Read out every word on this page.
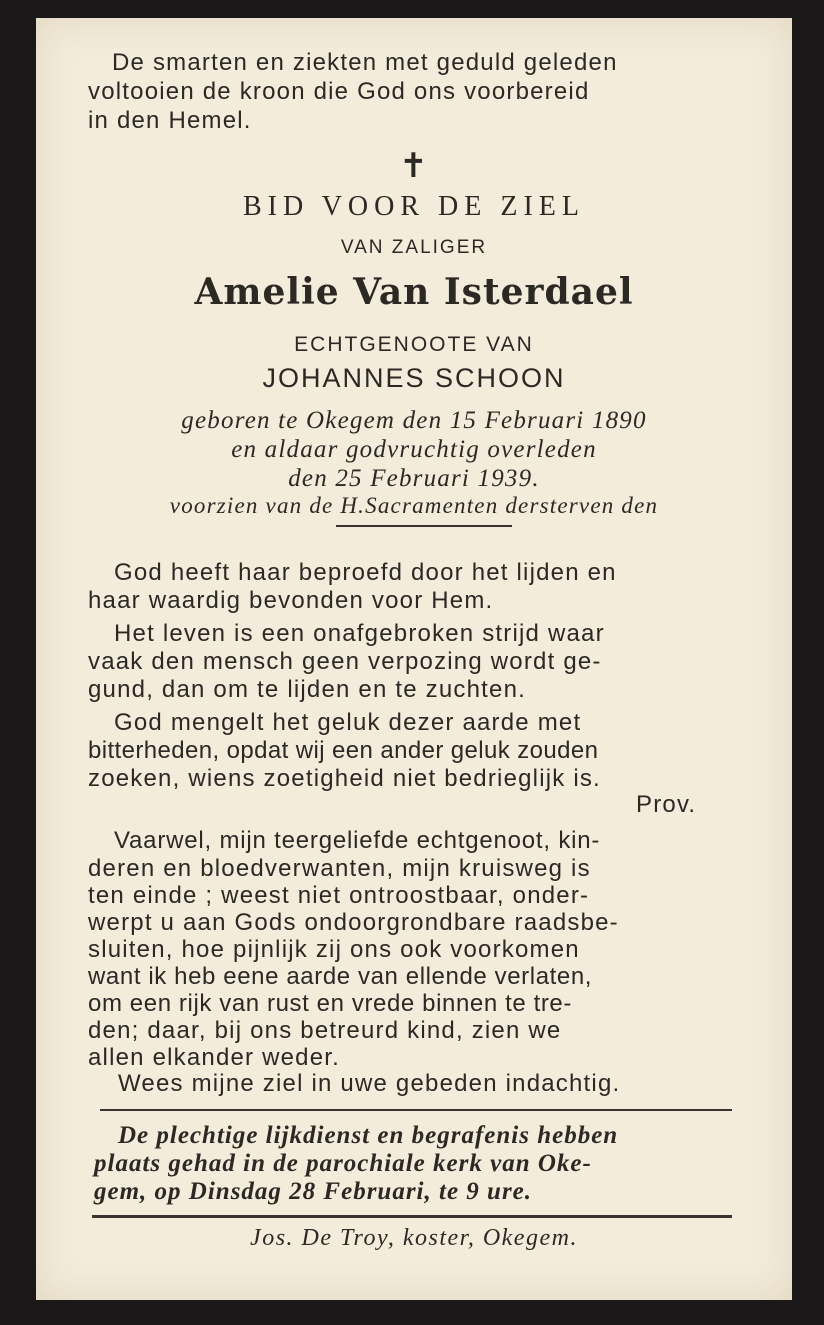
De smarten en ziekten met geduld geleden
voltooien de kroon die God ons voorbereid
in den Hemel.
✝
BID VOOR DE ZIEL
VAN ZALIGER
Amelie Van Isterdael
ECHTGENOOTE VAN
JOHANNES SCHOON
geboren te Okegem den 15 Februari 1890
en aldaar godvruchtig overleden
den 25 Februari 1939.
voorzien van de H.Sacramenten dersterven den
God heeft haar beproefd door het lijden en
haar waardig bevonden voor Hem.
Het leven is een onafgebroken strijd waar
vaak den mensch geen verpozing wordt ge-
gund, dan om te lijden en te zuchten.
God mengelt het geluk dezer aarde met
bitterheden, opdat wij een ander geluk zouden
zoeken, wiens zoetigheid niet bedrieglijk is.
Prov.
Vaarwel, mijn teergeliefde echtgenoot, kin-
deren en bloedverwanten, mijn kruisweg is
ten einde ; weest niet ontroostbaar, onder-
werpt u aan Gods ondoorgrondbare raadsbe-
sluiten, hoe pijnlijk zij ons ook voorkomen
want ik heb eene aarde van ellende verlaten,
om een rijk van rust en vrede binnen te tre-
den; daar, bij ons betreurd kind, zien we
allen elkander weder.
Wees mijne ziel in uwe gebeden indachtig.
De plechtige lijkdienst en begrafenis hebben
plaats gehad in de parochiale kerk van Oke-
gem, op Dinsdag 28 Februari, te 9 ure.
Jos. De Troy, koster, Okegem.
